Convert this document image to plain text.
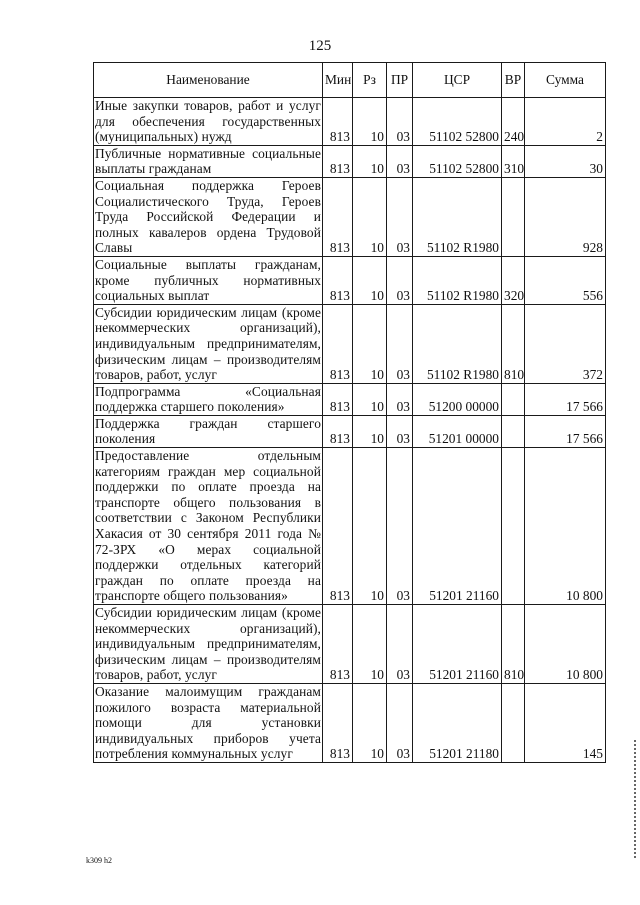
125
Наименование	Мин	Рз	ПР	ЦСР	ВР	Сумма
Иные закупки товаров, работ и услуг для обеспечения государственных (муниципальных) нужд	813	10	03	51102 52800	240	2
Публичные нормативные социальные выплаты гражданам	813	10	03	51102 52800	310	30
Социальная поддержка Героев Социалистического Труда, Героев Труда Российской Федерации и полных кавалеров ордена Трудовой Славы	813	10	03	51102 R1980		928
Социальные выплаты гражданам, кроме публичных нормативных социальных выплат	813	10	03	51102 R1980	320	556
Субсидии юридическим лицам (кроме некоммерческих организаций), индивидуальным предпринимателям, физическим лицам – производителям товаров, работ, услуг	813	10	03	51102 R1980	810	372
Подпрограмма «Социальная поддержка старшего поколения»	813	10	03	51200 00000		17 566
Поддержка граждан старшего поколения	813	10	03	51201 00000		17 566
Предоставление отдельным категориям граждан мер социальной поддержки по оплате проезда на транспорте общего пользования в соответствии с Законом Республики Хакасия от 30 сентября 2011 года № 72-ЗРХ «О мерах социальной поддержки отдельных категорий граждан по оплате проезда на транспорте общего пользования»	813	10	03	51201 21160		10 800
Субсидии юридическим лицам (кроме некоммерческих организаций), индивидуальным предпринимателям, физическим лицам – производителям товаров, работ, услуг	813	10	03	51201 21160	810	10 800
Оказание малоимущим гражданам пожилого возраста материальной помощи для установки индивидуальных приборов учета потребления коммунальных услуг	813	10	03	51201 21180		145
k309 h2
